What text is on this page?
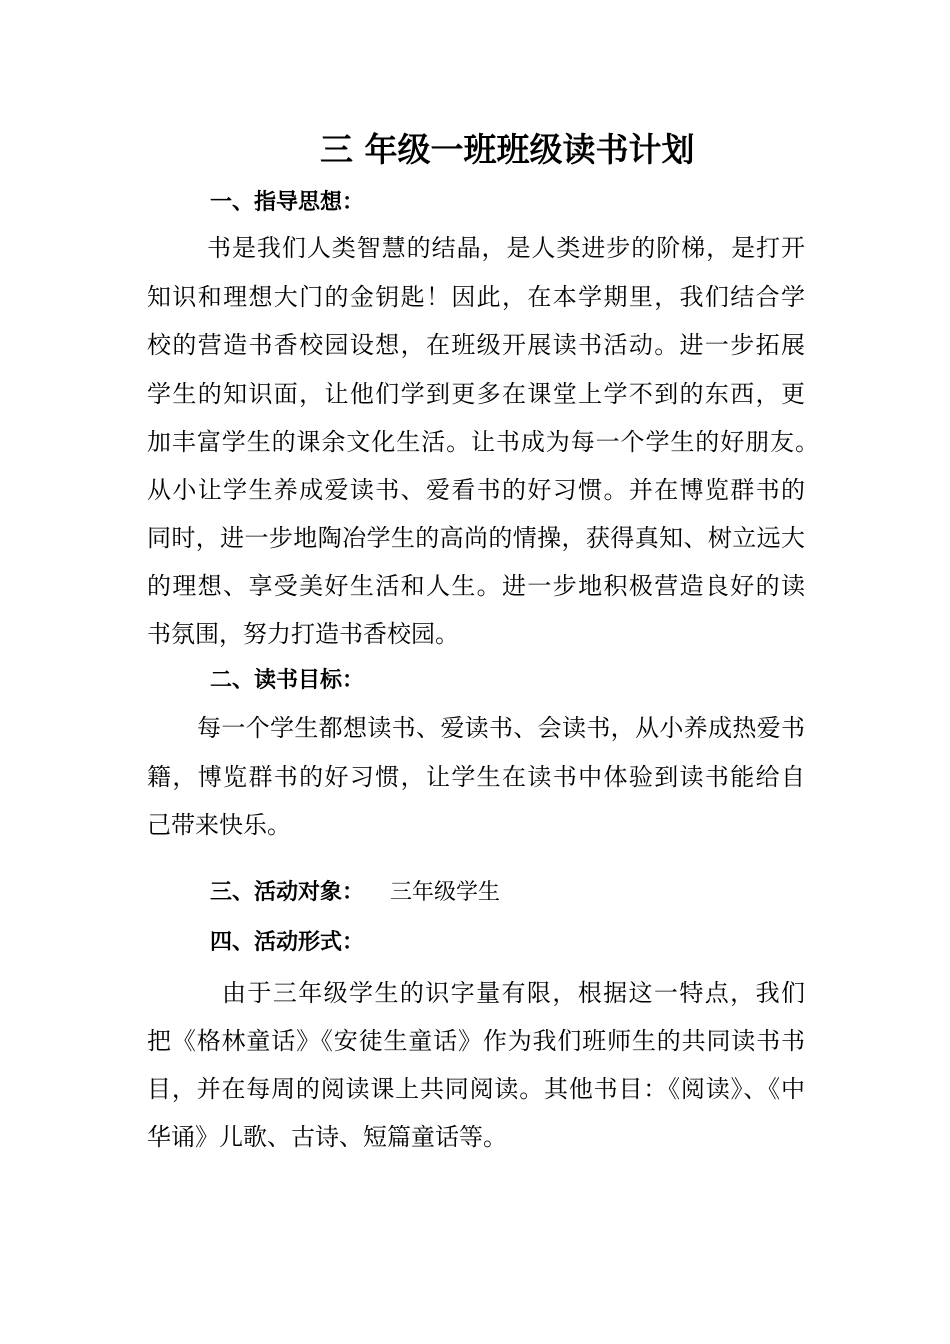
三 年级一班班级读书计划
一、指导思想：
书是我们人类智慧的结晶，是人类进步的阶梯，是打开
知识和理想大门的金钥匙！因此，在本学期里，我们结合学
校的营造书香校园设想，在班级开展读书活动。进一步拓展
学生的知识面，让他们学到更多在课堂上学不到的东西，更
加丰富学生的课余文化生活。让书成为每一个学生的好朋友。
从小让学生养成爱读书、爱看书的好习惯。并在博览群书的
同时，进一步地陶冶学生的高尚的情操，获得真知、树立远大
的理想、享受美好生活和人生。进一步地积极营造良好的读
书氛围，努力打造书香校园。
二、读书目标：
每一个学生都想读书、爱读书、会读书，从小养成热爱书
籍，博览群书的好习惯，让学生在读书中体验到读书能给自
己带来快乐。
三、活动对象： 三年级学生
四、活动形式：
由于三年级学生的识字量有限，根据这一特点，我们
把《格林童话》《安徒生童话》作为我们班师生的共同读书书
目，并在每周的阅读课上共同阅读。其他书目：《阅读》、《中
华诵》儿歌、古诗、短篇童话等。
